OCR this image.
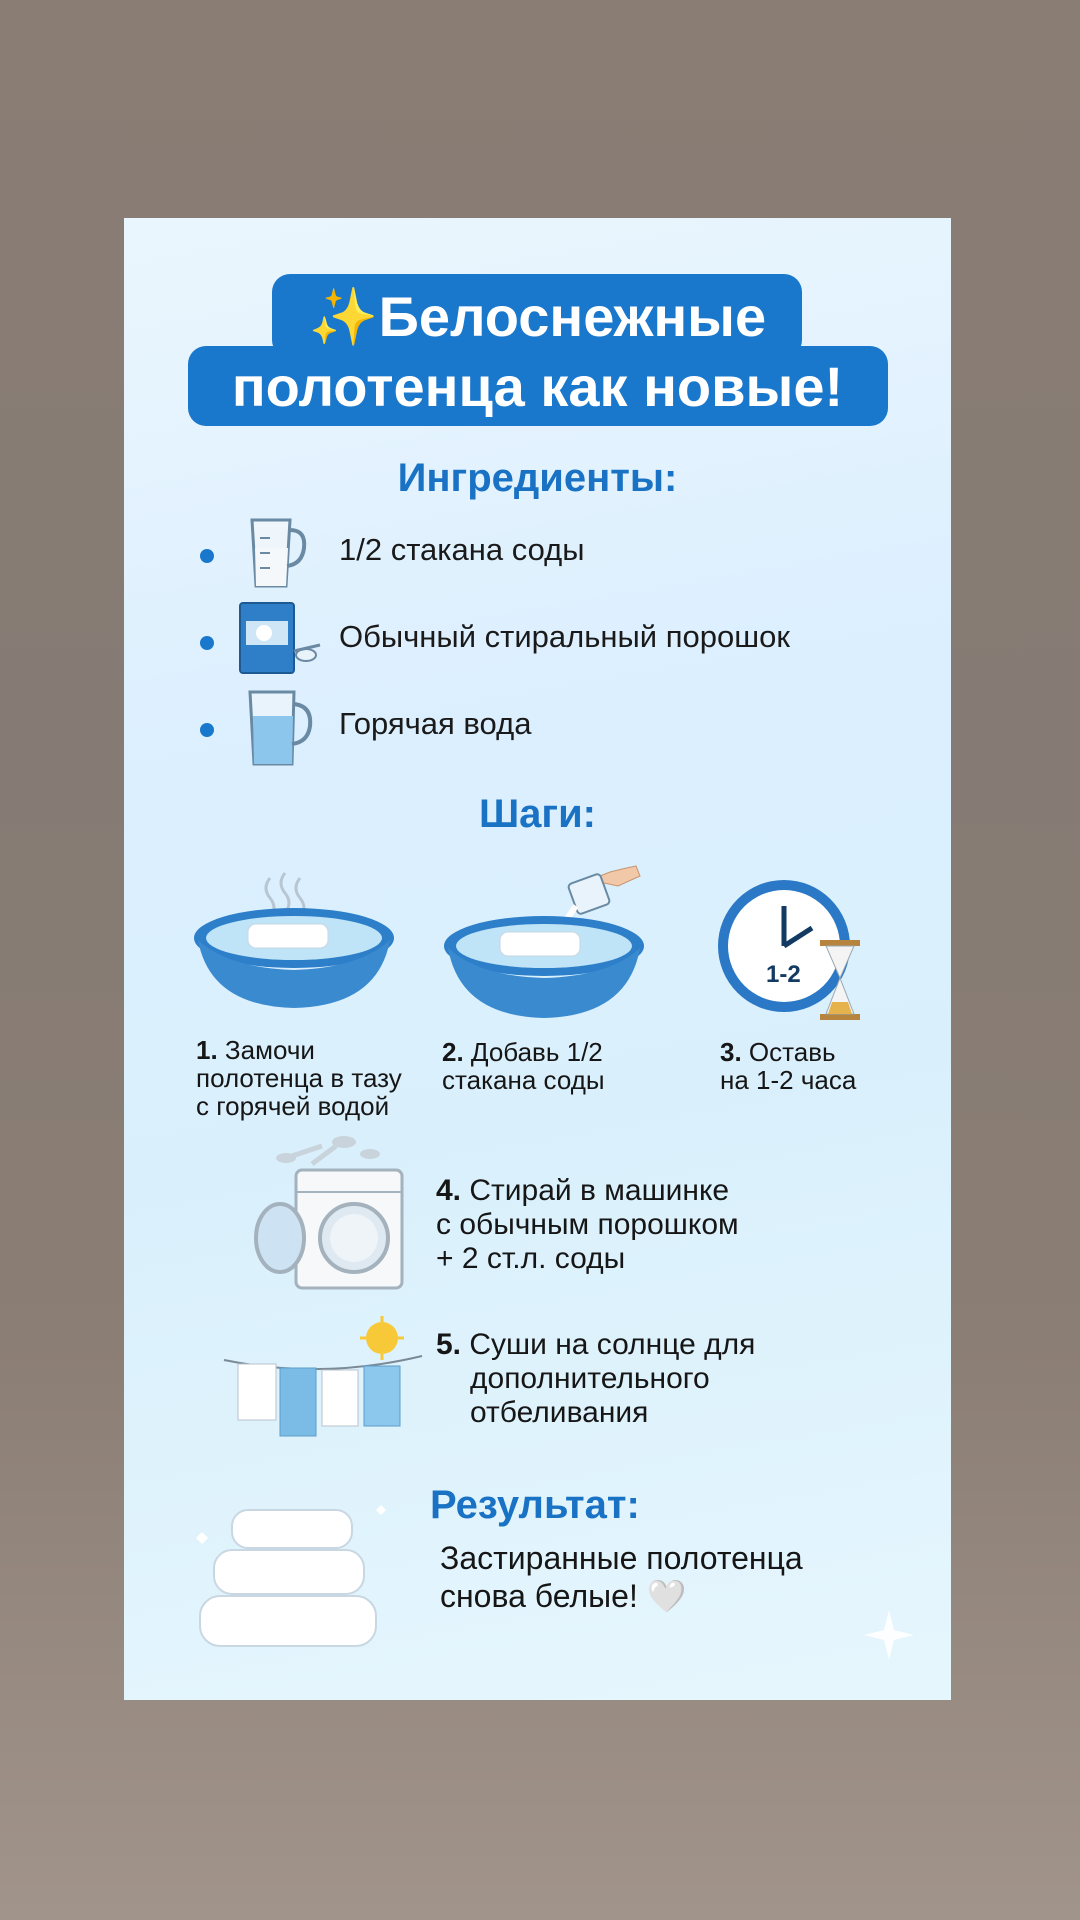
✨Белоснежные
полотенца как новые!
Ингредиенты:
1/2 стакана соды
Обычный стиральный порошок
Горячая вода
Шаги:
1. Замочи
полотенца в тазу
с горячей водой
2. Добавь 1/2
стакана соды
1-2
3. Оставь
на 1-2 часа
4. Стирай в машинке
с обычным порошком
+ 2 ст.л. соды
5. Суши на солнце для
дополнительного
отбеливания
Результат:
Застиранные полотенца
снова белые! 🤍
